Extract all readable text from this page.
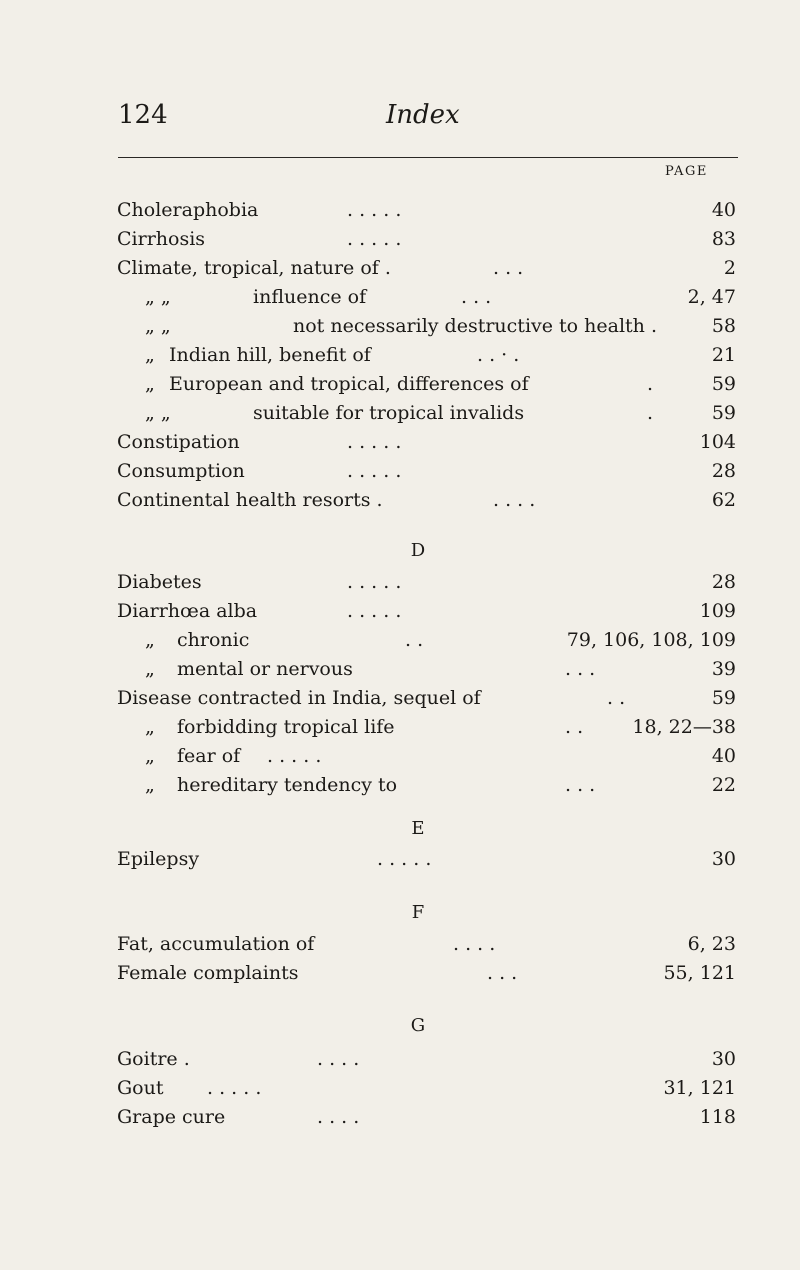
124	Index
PAGE
Choleraphobia	. . . . .	40
Cirrhosis	. . . . .	83
Climate, tropical, nature of .	. . .	2
„ „	influence of	. . .	2, 47
„ „	not necessarily destructive to health .	58
„ Indian hill, benefit of	. . · .	21
„ European and tropical, differences of	.	59
„ „	suitable for tropical invalids	.	59
Constipation	. . . . .	104
Consumption	. . . . .	28
Continental health resorts .	. . . .	62
D
Diabetes	. . . . .	28
Diarrhœa alba	. . . . .	109
„ chronic	. .	79, 106, 108, 109
„ mental or nervous	. . .	39
Disease contracted in India, sequel of	. .	59
„ forbidding tropical life	. .	18, 22—38
„ fear of . . . . .	40
„ hereditary tendency to	. . .	22
E
Epilepsy	. . . . .	30
F
Fat, accumulation of	. . . .	6, 23
Female complaints	. . .	55, 121
G
Goitre .	. . . .	30
Gout . . . . .	31, 121
Grape cure	. . . .	118
